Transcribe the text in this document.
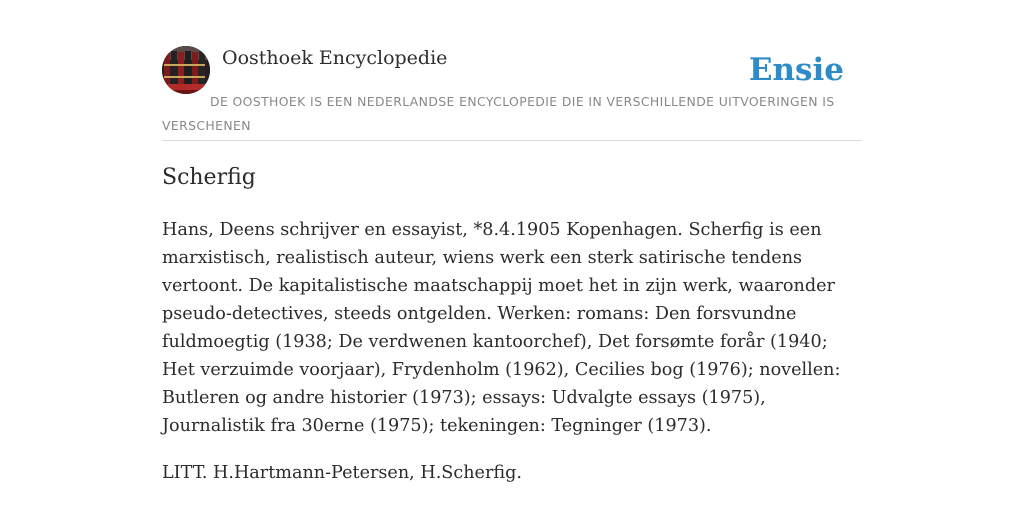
Oosthoek Encyclopedie	Ensie
DE OOSTHOEK IS EEN NEDERLANDSE ENCYCLOPEDIE DIE IN VERSCHILLENDE UITVOERINGEN IS VERSCHENEN
Scherfig

Hans, Deens schrijver en essayist, *8.4.1905 Kopenhagen. Scherfig is een marxistisch, realistisch auteur, wiens werk een sterk satirische tendens vertoont. De kapitalistische maatschappij moet het in zijn werk, waaronder pseudo-detectives, steeds ontgelden. Werken: romans: Den forsvundne fuldmoegtig (1938; De verdwenen kantoorchef), Det forsømte forår (1940; Het verzuimde voorjaar), Frydenholm (1962), Cecilies bog (1976); novellen: Butleren og andre historier (1973); essays: Udvalgte essays (1975), Journalistik fra 30erne (1975); tekeningen: Tegninger (1973).

LITT. H.Hartmann-Petersen, H.Scherfig.
